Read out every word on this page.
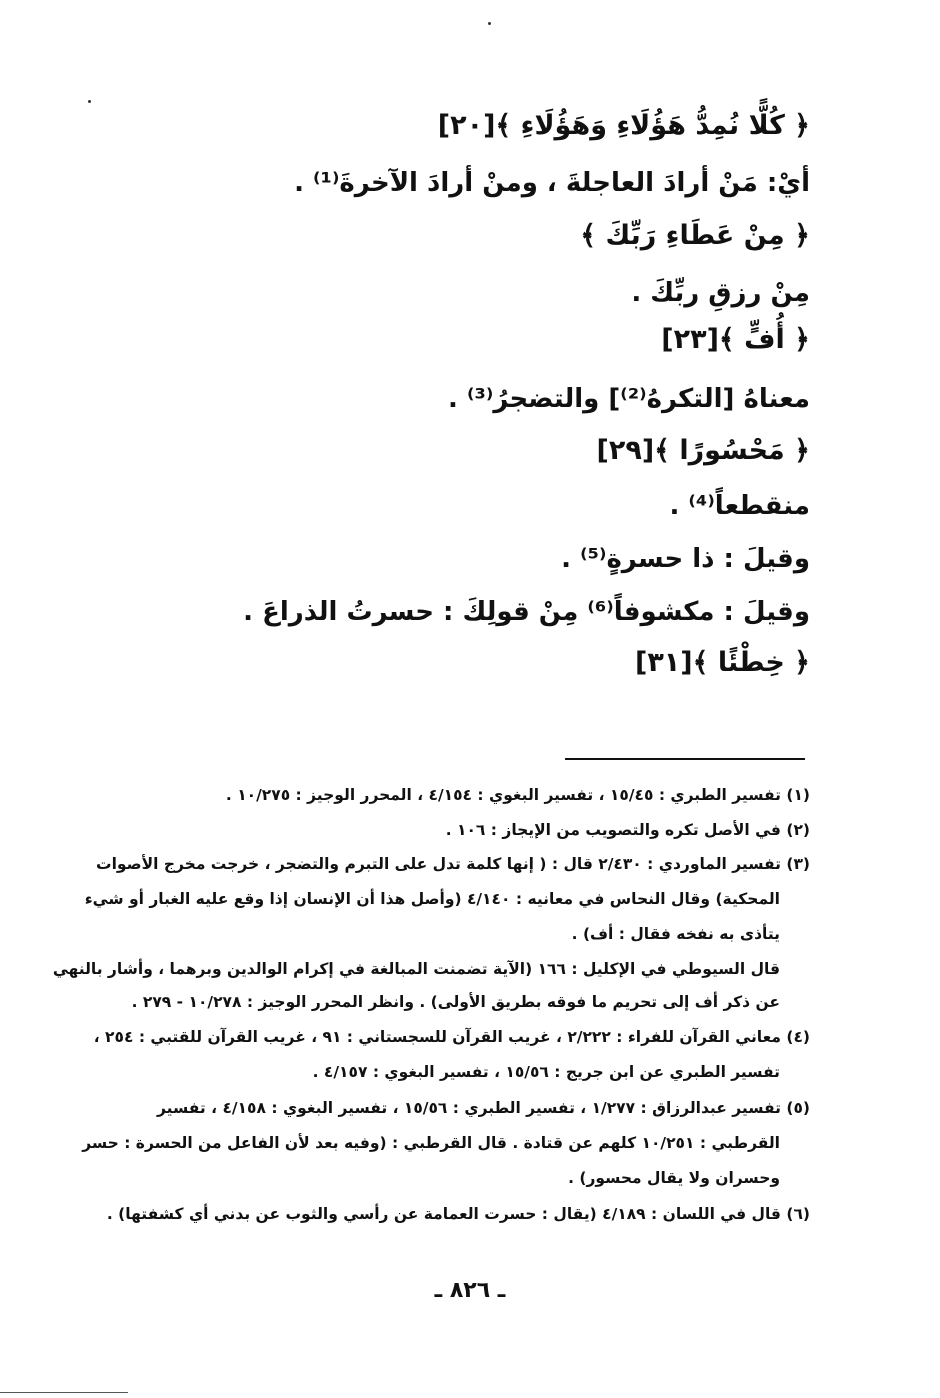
﴿ كُلًّا نُمِدُّ هَؤُلَاءِ وَهَؤُلَاءِ ﴾[٢٠]
أيْ: مَنْ أرادَ العاجلةَ ، ومنْ أرادَ الآخرةَ⁽¹⁾ .
﴿ مِنْ عَطَاءِ رَبِّكَ ﴾
مِنْ رزقِ ربِّكَ .
﴿ أُفٍّ ﴾[٢٣]
معناهُ [التكرهُ⁽²⁾] والتضجرُ⁽³⁾ .
﴿ مَحْسُورًا ﴾[٢٩]
منقطعاً⁽⁴⁾ .
وقيلَ : ذا حسرةٍ⁽⁵⁾ .
وقيلَ : مكشوفاً⁽⁶⁾ مِنْ قولِكَ : حسرتُ الذراعَ .
﴿ خِطْئًا ﴾[٣١]
(١) تفسير الطبري : ١٥/٤٥ ، تفسير البغوي : ٤/١٥٤ ، المحرر الوجيز : ١٠/٢٧٥ .
(٢) في الأصل تكره والتصويب من الإيجاز : ١٠٦ .
(٣) تفسير الماوردي : ٢/٤٣٠ قال : ( إنها كلمة تدل على التبرم والتضجر ، خرجت مخرج الأصوات
المحكية) وقال النحاس في معانيه : ٤/١٤٠ (وأصل هذا أن الإنسان إذا وقع عليه الغبار أو شيء
يتأذى به نفخه فقال : أف) .
قال السيوطي في الإكليل : ١٦٦ (الآية تضمنت المبالغة في إكرام الوالدين وبرهما ، وأشار بالنهي
عن ذكر أف إلى تحريم ما فوقه بطريق الأولى) . وانظر المحرر الوجيز : ١٠/٢٧٨ - ٢٧٩ .
(٤) معاني القرآن للفراء : ٢/٢٢٢ ، غريب القرآن للسجستاني : ٩١ ، غريب القرآن للقتبي : ٢٥٤ ،
تفسير الطبري عن ابن جريج : ١٥/٥٦ ، تفسير البغوي : ٤/١٥٧ .
(٥) تفسير عبدالرزاق : ١/٢٧٧ ، تفسير الطبري : ١٥/٥٦ ، تفسير البغوي : ٤/١٥٨ ، تفسير
القرطبي : ١٠/٢٥١ كلهم عن قتادة . قال القرطبي : (وفيه بعد لأن الفاعل من الحسرة : حسر
وحسران ولا يقال محسور) .
(٦) قال في اللسان : ٤/١٨٩ (يقال : حسرت العمامة عن رأسي والثوب عن بدني أي كشفتها) .
ـ ٨٢٦ ـ
